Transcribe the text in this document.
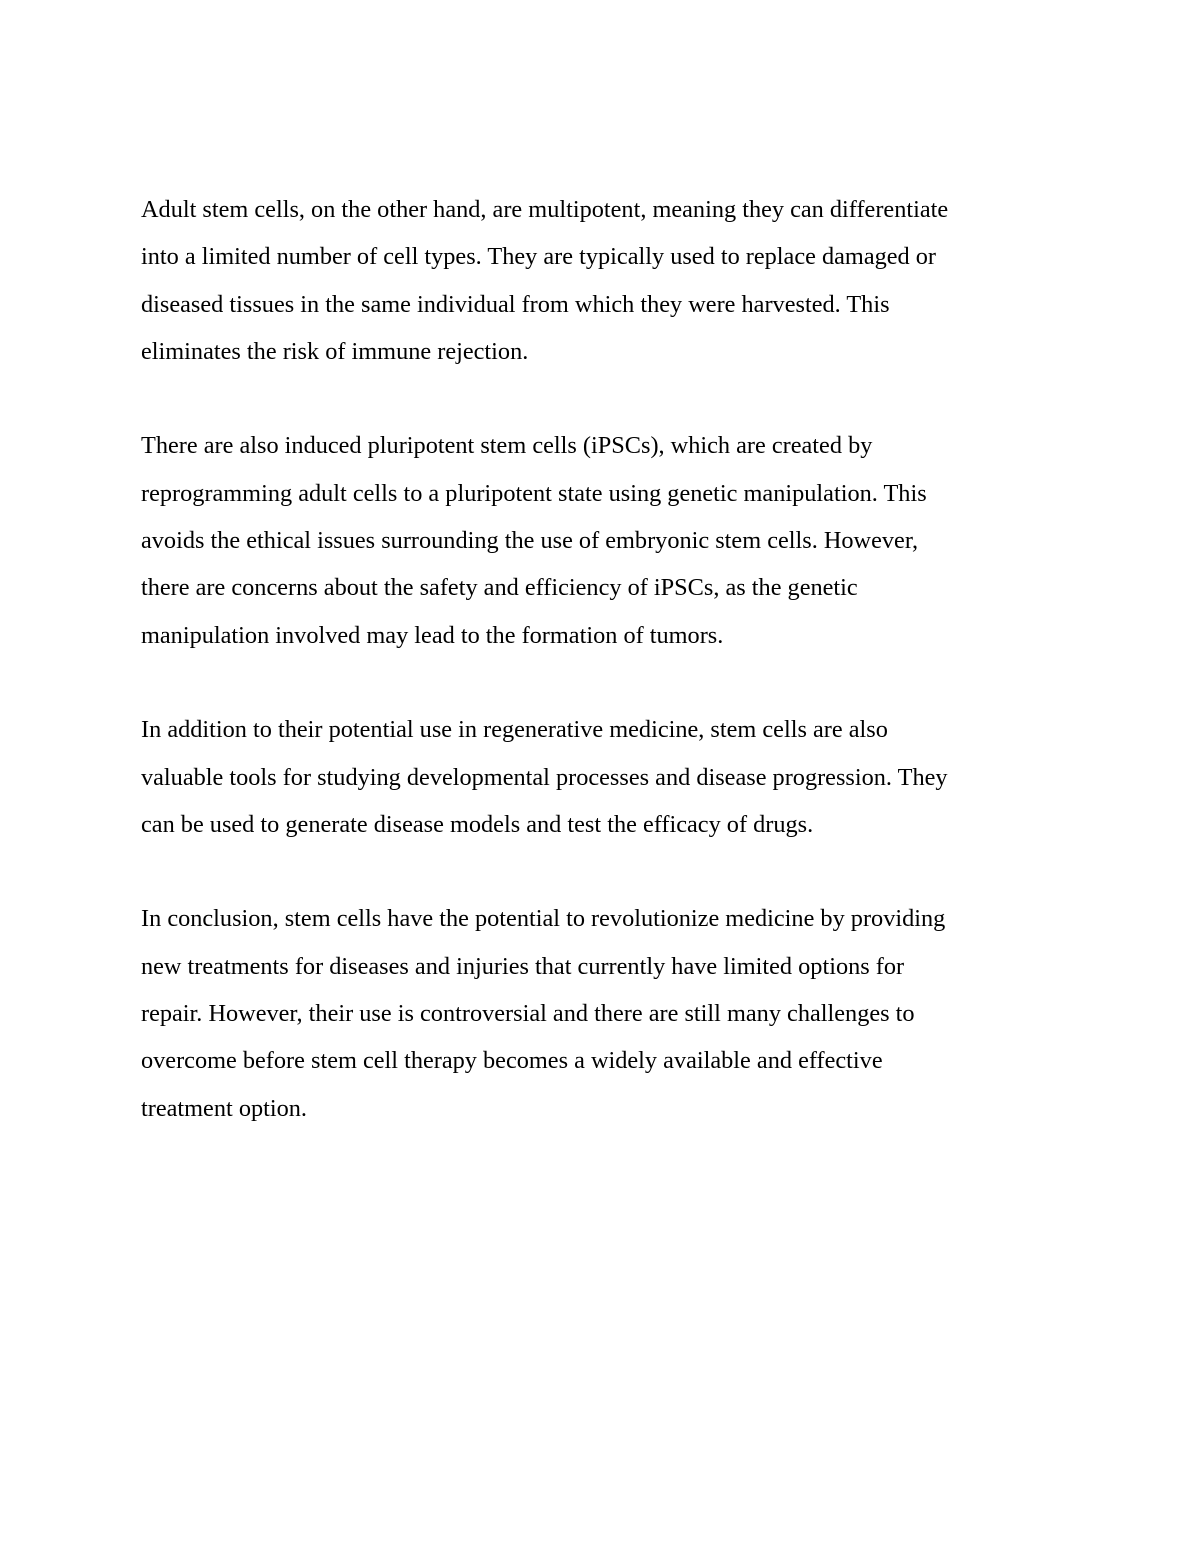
Adult stem cells, on the other hand, are multipotent, meaning they can differentiate
into a limited number of cell types. They are typically used to replace damaged or
diseased tissues in the same individual from which they were harvested. This
eliminates the risk of immune rejection.

There are also induced pluripotent stem cells (iPSCs), which are created by
reprogramming adult cells to a pluripotent state using genetic manipulation. This
avoids the ethical issues surrounding the use of embryonic stem cells. However,
there are concerns about the safety and efficiency of iPSCs, as the genetic
manipulation involved may lead to the formation of tumors.

In addition to their potential use in regenerative medicine, stem cells are also
valuable tools for studying developmental processes and disease progression. They
can be used to generate disease models and test the efficacy of drugs.

In conclusion, stem cells have the potential to revolutionize medicine by providing
new treatments for diseases and injuries that currently have limited options for
repair. However, their use is controversial and there are still many challenges to
overcome before stem cell therapy becomes a widely available and effective
treatment option.
